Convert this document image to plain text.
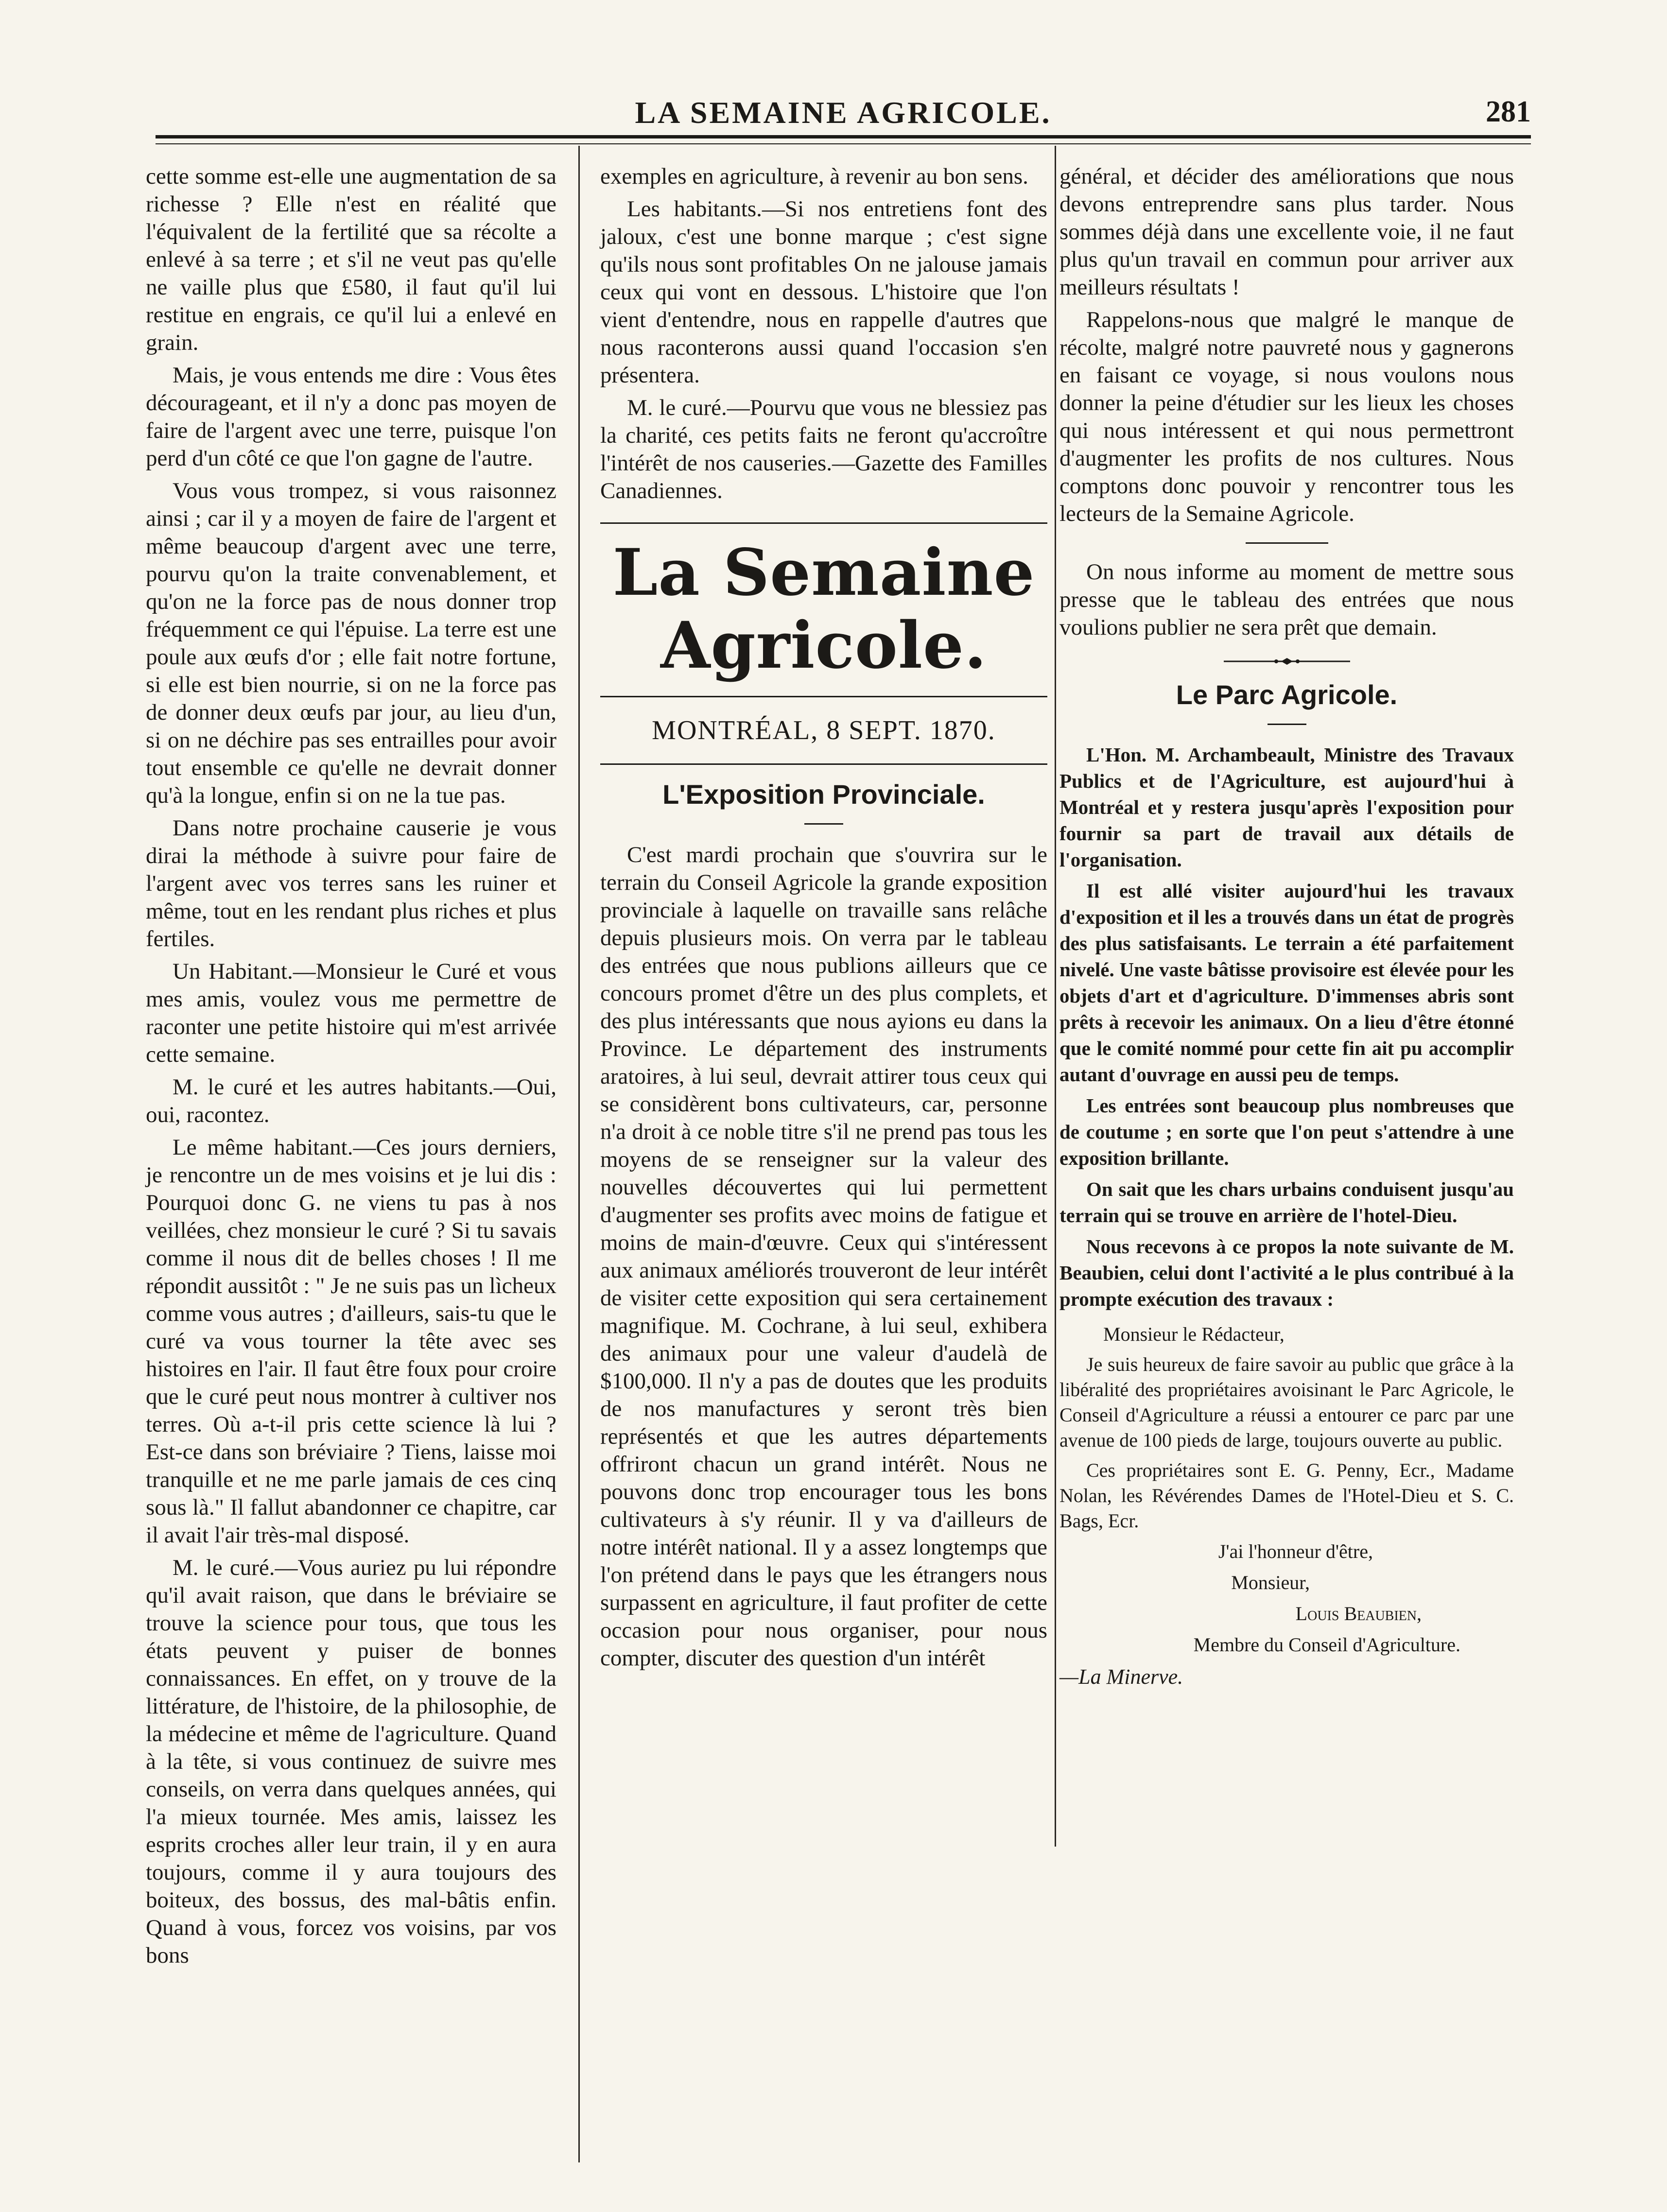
LA SEMAINE AGRICOLE.	281

cette somme est-elle une augmentation de sa richesse ? Elle n'est en réalité que l'équivalent de la fertilité que sa récolte a enlevé à sa terre ; et s'il ne veut pas qu'elle ne vaille plus que £580, il faut qu'il lui restitue en engrais, ce qu'il lui a enlevé en grain.

Mais, je vous entends me dire : Vous êtes décourageant, et il n'y a donc pas moyen de faire de l'argent avec une terre, puisque l'on perd d'un côté ce que l'on gagne de l'autre.

Vous vous trompez, si vous raisonnez ainsi ; car il y a moyen de faire de l'argent et même beaucoup d'argent avec une terre, pourvu qu'on la traite convenablement, et qu'on ne la force pas de nous donner trop fréquemment ce qui l'épuise. La terre est une poule aux œufs d'or ; elle fait notre fortune, si elle est bien nourrie, si on ne la force pas de donner deux œufs par jour, au lieu d'un, si on ne déchire pas ses entrailles pour avoir tout ensemble ce qu'elle ne devrait donner qu'à la longue, enfin si on ne la tue pas.

Dans notre prochaine causerie je vous dirai la méthode à suivre pour faire de l'argent avec vos terres sans les ruiner et même, tout en les rendant plus riches et plus fertiles.

Un Habitant.—Monsieur le Curé et vous mes amis, voulez vous me permettre de raconter une petite histoire qui m'est arrivée cette semaine.

M. le curé et les autres habitants.—Oui, oui, racontez.

Le même habitant.—Ces jours derniers, je rencontre un de mes voisins et je lui dis : Pourquoi donc G. ne viens tu pas à nos veillées, chez monsieur le curé ? Si tu savais comme il nous dit de belles choses ! Il me répondit aussitôt : " Je ne suis pas un lìcheux comme vous autres ; d'ailleurs, sais-tu que le curé va vous tourner la tête avec ses histoires en l'air. Il faut être foux pour croire que le curé peut nous montrer à cultiver nos terres. Où a-t-il pris cette science là lui ? Est-ce dans son bréviaire ? Tiens, laisse moi tranquille et ne me parle jamais de ces cinq sous là." Il fallut abandonner ce chapitre, car il avait l'air très-mal disposé.

M. le curé.—Vous auriez pu lui répondre qu'il avait raison, que dans le bréviaire se trouve la science pour tous, que tous les états peuvent y puiser de bonnes connaissances. En effet, on y trouve de la littérature, de l'histoire, de la philosophie, de la médecine et même de l'agriculture. Quand à la tête, si vous continuez de suivre mes conseils, on verra dans quelques années, qui l'a mieux tournée. Mes amis, laissez les esprits croches aller leur train, il y en aura toujours, comme il y aura toujours des boiteux, des bossus, des mal-bâtis enfin. Quand à vous, forcez vos voisins, par vos bons

exemples en agriculture, à revenir au bon sens.

Les habitants.—Si nos entretiens font des jaloux, c'est une bonne marque ; c'est signe qu'ils nous sont profitables On ne jalouse jamais ceux qui vont en dessous. L'histoire que l'on vient d'entendre, nous en rappelle d'autres que nous raconterons aussi quand l'occasion s'en présentera.

M. le curé.—Pourvu que vous ne blessiez pas la charité, ces petits faits ne feront qu'accroître l'intérêt de nos causeries.—Gazette des Familles Canadiennes.

La Semaine Agricole.
MONTRÉAL, 8 SEPT. 1870.
L'Exposition Provinciale.

C'est mardi prochain que s'ouvrira sur le terrain du Conseil Agricole la grande exposition provinciale à laquelle on travaille sans relâche depuis plusieurs mois. On verra par le tableau des entrées que nous publions ailleurs que ce concours promet d'être un des plus complets, et des plus intéressants que nous ayions eu dans la Province. Le département des instruments aratoires, à lui seul, devrait attirer tous ceux qui se considèrent bons cultivateurs, car, personne n'a droit à ce noble titre s'il ne prend pas tous les moyens de se renseigner sur la valeur des nouvelles découvertes qui lui permettent d'augmenter ses profits avec moins de fatigue et moins de main-d'œuvre. Ceux qui s'intéressent aux animaux améliorés trouveront de leur intérêt de visiter cette exposition qui sera certainement magnifique. M. Cochrane, à lui seul, exhibera des animaux pour une valeur d'audelà de $100,000. Il n'y a pas de doutes que les produits de nos manufactures y seront très bien représentés et que les autres départements offriront chacun un grand intérêt. Nous ne pouvons donc trop encourager tous les bons cultivateurs à s'y réunir. Il y va d'ailleurs de notre intérêt national. Il y a assez longtemps que l'on prétend dans le pays que les étrangers nous surpassent en agriculture, il faut profiter de cette occasion pour nous organiser, pour nous compter, discuter des question d'un intérêt

général, et décider des améliorations que nous devons entreprendre sans plus tarder. Nous sommes déjà dans une excellente voie, il ne faut plus qu'un travail en commun pour arriver aux meilleurs résultats !

Rappelons-nous que malgré le manque de récolte, malgré notre pauvreté nous y gagnerons en faisant ce voyage, si nous voulons nous donner la peine d'étudier sur les lieux les choses qui nous intéressent et qui nous permettront d'augmenter les profits de nos cultures. Nous comptons donc pouvoir y rencontrer tous les lecteurs de la Semaine Agricole.

On nous informe au moment de mettre sous presse que le tableau des entrées que nous voulions publier ne sera prêt que demain.

Le Parc Agricole.

L'Hon. M. Archambeault, Ministre des Travaux Publics et de l'Agriculture, est aujourd'hui à Montréal et y restera jusqu'après l'exposition pour fournir sa part de travail aux détails de l'organisation.

Il est allé visiter aujourd'hui les travaux d'exposition et il les a trouvés dans un état de progrès des plus satisfaisants. Le terrain a été parfaitement nivelé. Une vaste bâtisse provisoire est élevée pour les objets d'art et d'agriculture. D'immenses abris sont prêts à recevoir les animaux. On a lieu d'être étonné que le comité nommé pour cette fin ait pu accomplir autant d'ouvrage en aussi peu de temps.

Les entrées sont beaucoup plus nombreuses que de coutume ; en sorte que l'on peut s'attendre à une exposition brillante.

On sait que les chars urbains conduisent jusqu'au terrain qui se trouve en arrière de l'hotel-Dieu.

Nous recevons à ce propos la note suivante de M. Beaubien, celui dont l'activité a le plus contribué à la prompte exécution des travaux :

Monsieur le Rédacteur,

Je suis heureux de faire savoir au public que grâce à la libéralité des propriétaires avoisinant le Parc Agricole, le Conseil d'Agriculture a réussi a entourer ce parc par une avenue de 100 pieds de large, toujours ouverte au public.

Ces propriétaires sont E. G. Penny, Ecr., Madame Nolan, les Révérendes Dames de l'Hotel-Dieu et S. C. Bags, Ecr.

J'ai l'honneur d'être,

Monsieur,

Louis Beaubien,

Membre du Conseil d'Agriculture.

—La Minerve.
